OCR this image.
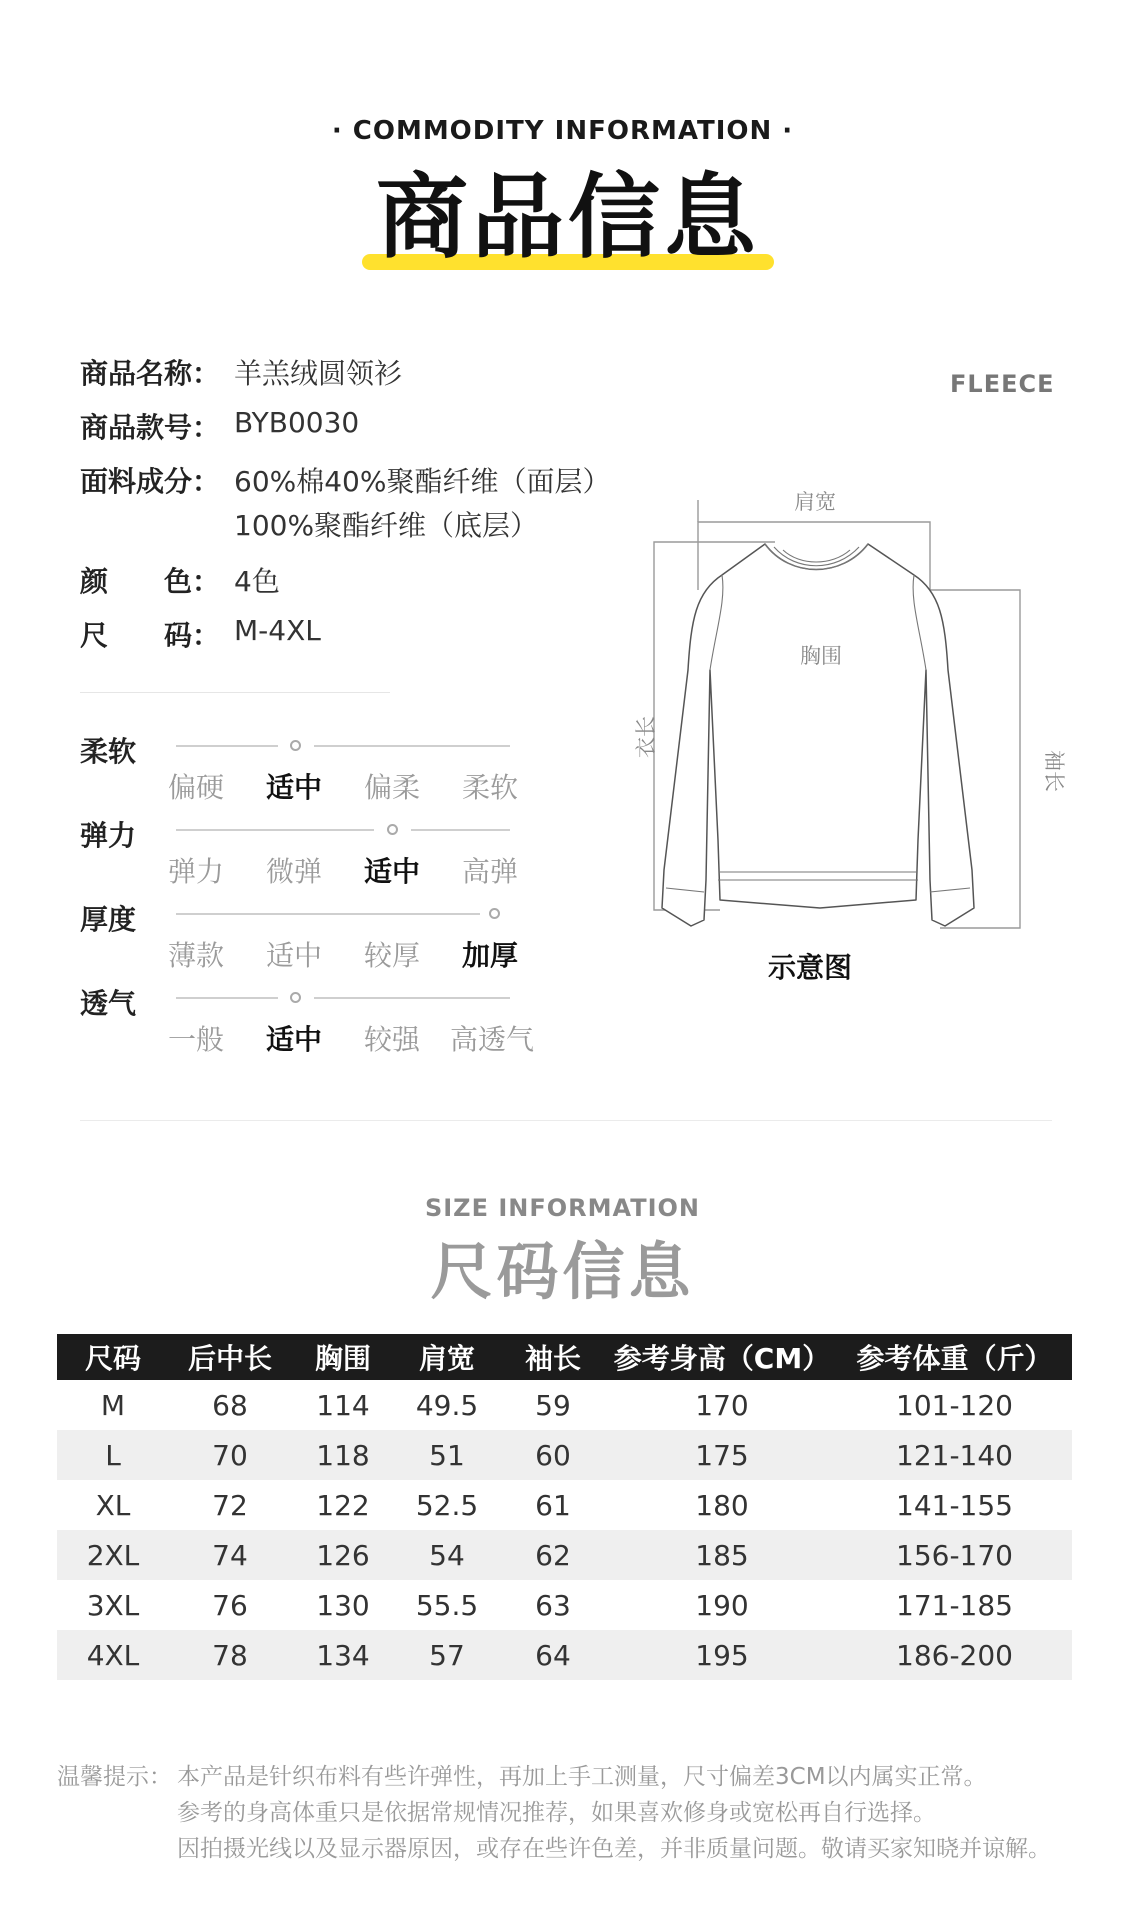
· COMMODITY INFORMATION ·
商品信息
商品名称： 羊羔绒圆领衫
商品款号： BYB0030
面料成分： 60%棉40%聚酯纤维（面层）
100%聚酯纤维（底层）
颜　　色： 4色
尺　　码： M-4XL
FLEECE
柔软
偏硬 适中 偏柔 柔软
弹力
弹力 微弹 适中 高弹
厚度
薄款 适中 较厚 加厚
透气
一般 适中 较强 高透气
肩宽
胸围
衣长
袖长
示意图
SIZE INFORMATION
尺码信息
尺码	后中长	胸围	肩宽	袖长	参考身高（CM）	参考体重（斤）
M	68	114	49.5	59	170	101-120
L	70	118	51	60	175	121-140
XL	72	122	52.5	61	180	141-155
2XL	74	126	54	62	185	156-170
3XL	76	130	55.5	63	190	171-185
4XL	78	134	57	64	195	186-200
温馨提示： 本产品是针织布料有些许弹性，再加上手工测量，尺寸偏差3CM以内属实正常。
参考的身高体重只是依据常规情况推荐，如果喜欢修身或宽松再自行选择。
因拍摄光线以及显示器原因，或存在些许色差，并非质量问题。敬请买家知晓并谅解。
